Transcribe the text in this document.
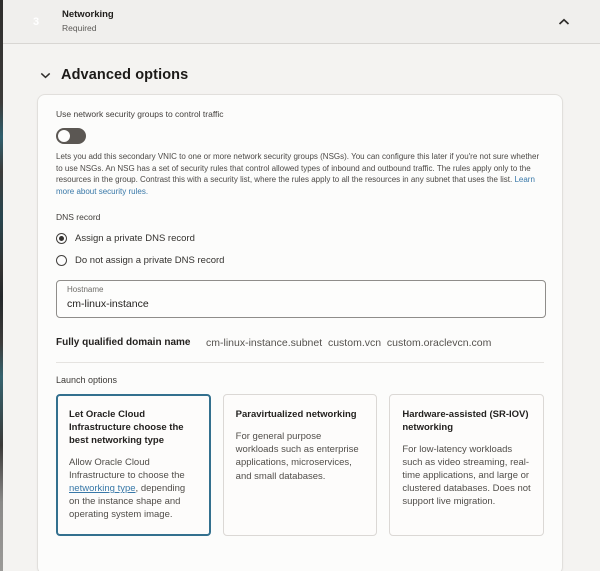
3
Networking
Required
Advanced options
Use network security groups to control traffic

Lets you add this secondary VNIC to one or more network security groups (NSGs). You can configure this later if you're not sure whether to use NSGs. An NSG has a set of security rules that control allowed types of inbound and outbound traffic. The rules apply only to the resources in the group. Contrast this with a security list, where the rules apply to all the resources in any subnet that uses the list. Learn more about security rules.

DNS record
Assign a private DNS record
Do not assign a private DNS record
Hostname
cm-linux-instance
Fully qualified domain name	cm-linux-instance.subnet  custom.vcn  custom.oraclevcn.com
Launch options
Let Oracle Cloud Infrastructure choose the best networking type
Allow Oracle Cloud Infrastructure to choose the networking type, depending on the instance shape and operating system image.
Paravirtualized networking
For general purpose workloads such as enterprise applications, microservices, and small databases.
Hardware-assisted (SR-IOV) networking
For low-latency workloads such as video streaming, real-time applications, and large or clustered databases. Does not support live migration.
